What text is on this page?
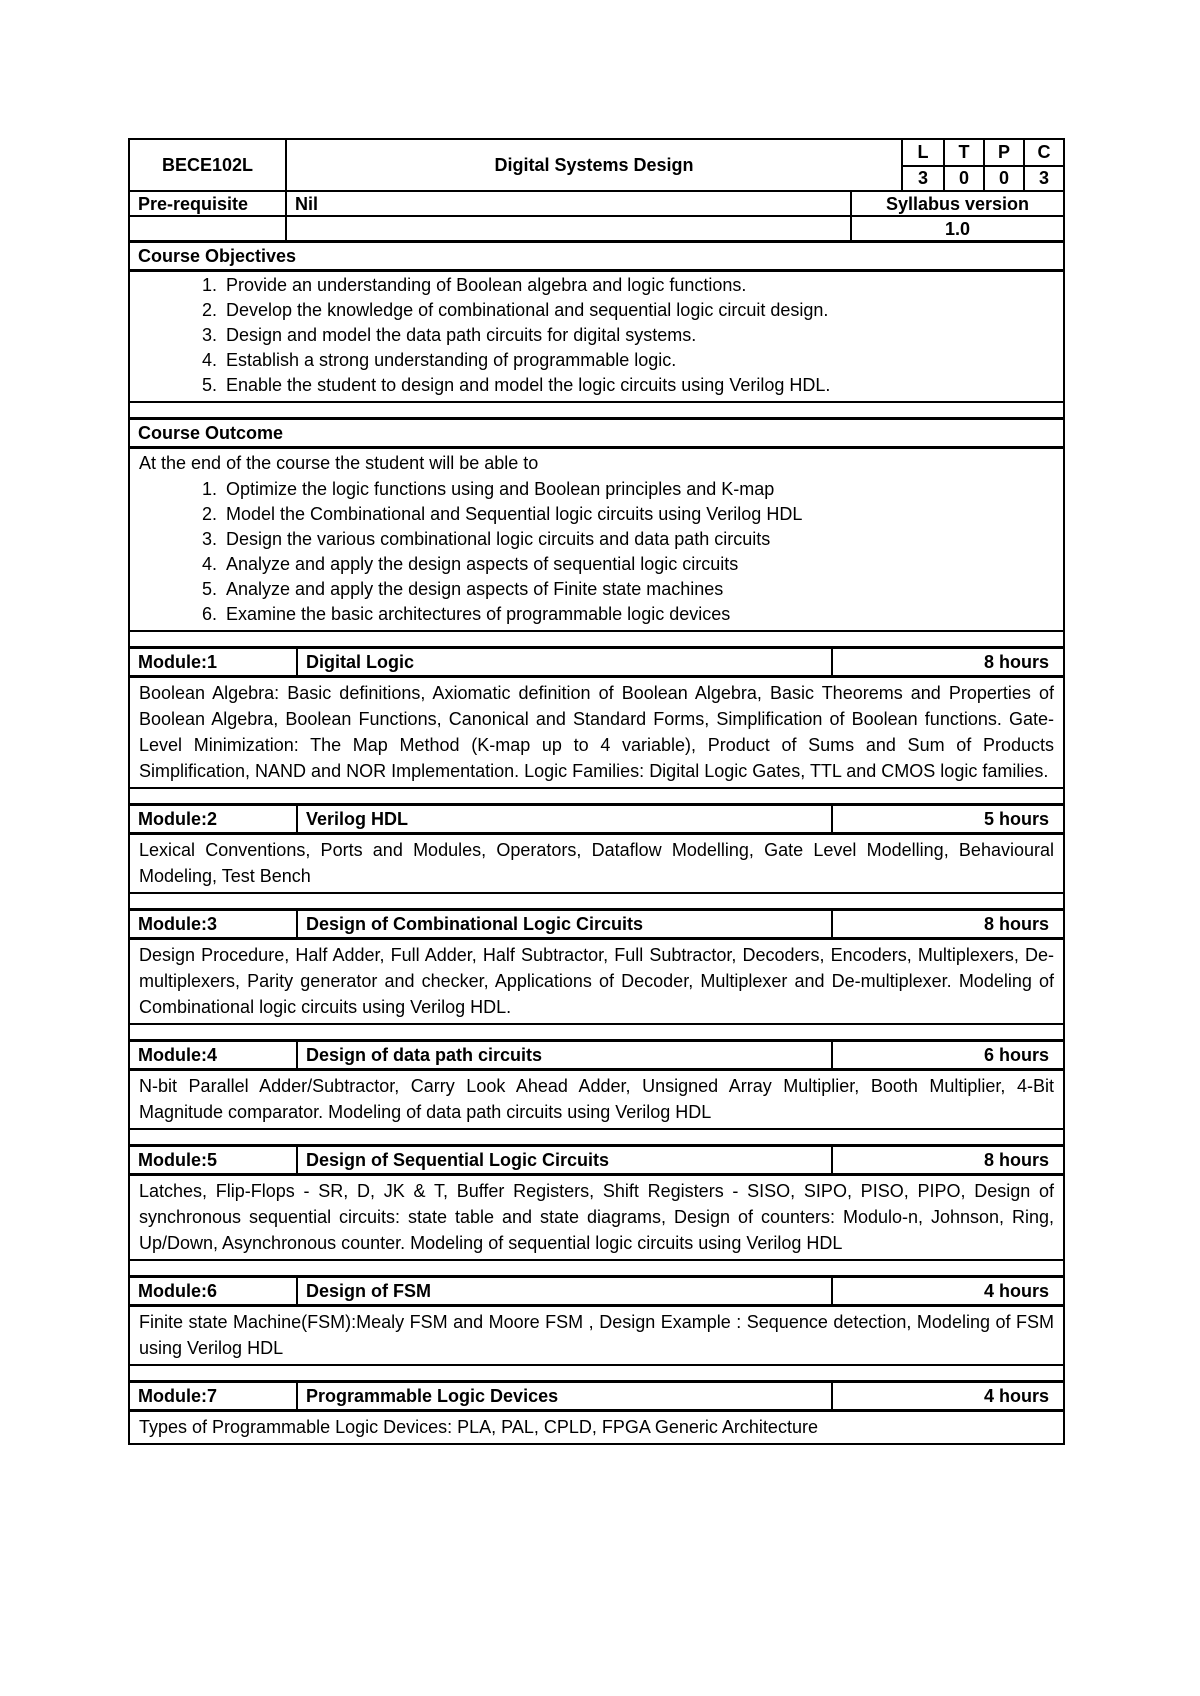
BECE102L	Digital Systems Design
L	T	P	C
3	0	0	3
Pre-requisite	Nil	Syllabus version
1.0
Course Objectives
1. Provide an understanding of Boolean algebra and logic functions.
2. Develop the knowledge of combinational and sequential logic circuit design.
3. Design and model the data path circuits for digital systems.
4. Establish a strong understanding of programmable logic.
5. Enable the student to design and model the logic circuits using Verilog HDL.
Course Outcome

At the end of the course the student will be able to

1. Optimize the logic functions using and Boolean principles and K-map
2. Model the Combinational and Sequential logic circuits using Verilog HDL
3. Design the various combinational logic circuits and data path circuits
4. Analyze and apply the design aspects of sequential logic circuits
5. Analyze and apply the design aspects of Finite state machines
6. Examine the basic architectures of programmable logic devices
Module:1	Digital Logic	8 hours

Boolean Algebra: Basic definitions, Axiomatic definition of Boolean Algebra, Basic Theorems and Properties of Boolean Algebra, Boolean Functions, Canonical and Standard Forms, Simplification of Boolean functions. Gate-Level Minimization: The Map Method (K-map up to 4 variable), Product of Sums and Sum of Products Simplification, NAND and NOR Implementation. Logic Families: Digital Logic Gates, TTL and CMOS logic families.

Module:2	Verilog HDL	5 hours

Lexical Conventions, Ports and Modules, Operators, Dataflow Modelling, Gate Level Modelling, Behavioural Modeling, Test Bench

Module:3	Design of Combinational Logic Circuits	8 hours

Design Procedure, Half Adder, Full Adder, Half Subtractor, Full Subtractor, Decoders, Encoders, Multiplexers, De-multiplexers, Parity generator and checker, Applications of Decoder, Multiplexer and De-multiplexer. Modeling of Combinational logic circuits using Verilog HDL.

Module:4	Design of data path circuits	6 hours

N-bit Parallel Adder/Subtractor, Carry Look Ahead Adder, Unsigned Array Multiplier, Booth Multiplier, 4-Bit Magnitude comparator. Modeling of data path circuits using Verilog HDL

Module:5	Design of Sequential Logic Circuits	8 hours

Latches, Flip-Flops - SR, D, JK & T, Buffer Registers, Shift Registers - SISO, SIPO, PISO, PIPO, Design of synchronous sequential circuits: state table and state diagrams, Design of counters: Modulo-n, Johnson, Ring, Up/Down, Asynchronous counter. Modeling of sequential logic circuits using Verilog HDL

Module:6	Design of FSM	4 hours

Finite state Machine(FSM):Mealy FSM and Moore FSM , Design Example : Sequence detection, Modeling of FSM using Verilog HDL

Module:7	Programmable Logic Devices	4 hours

Types of Programmable Logic Devices: PLA, PAL, CPLD, FPGA Generic Architecture
